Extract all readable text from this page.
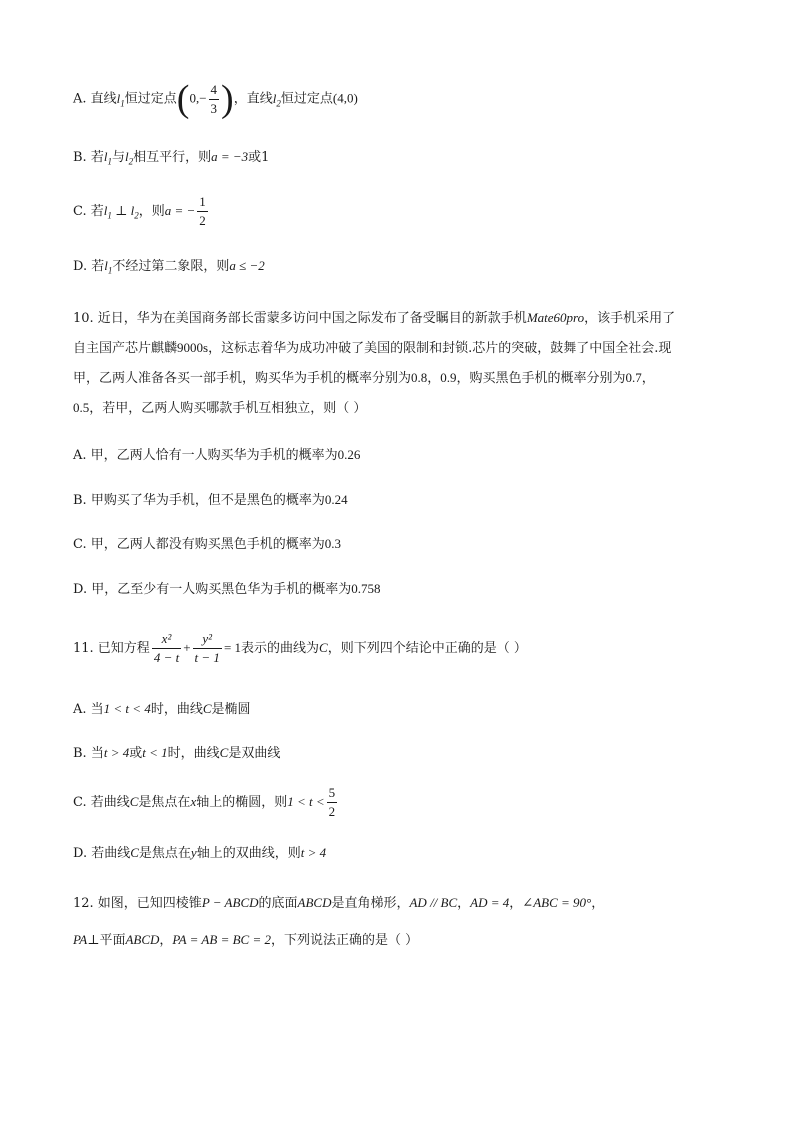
A. 直线$l_1$恒过定点($0,- \frac{4}{3}$ )，直线$l_2$恒过定点(4,0)
B. 若$l_1$与$l_2$相互平行，则a = −3或1
C. 若$l_1$ ⊥ $l_2$，则a = − $\frac{1}{2}$
D. 若$l_1$不经过第二象限，则a ≤ −2
10. 近日，华为在美国商务部长雷蒙多访问中国之际发布了备受瞩目的新款手机Mate60pro，该手机采用了
自主国产芯片麒麟9000s，这标志着华为成功冲破了美国的限制和封锁.芯片的突破，鼓舞了中国全社会.现
甲，乙两人准备各买一部手机，购买华为手机的概率分别为0.8，0.9，购买黑色手机的概率分别为0.7，
0.5，若甲，乙两人购买哪款手机互相独立，则（ ）
A. 甲，乙两人恰有一人购买华为手机的概率为0.26
B. 甲购买了华为手机，但不是黑色的概率为0.24
C. 甲，乙两人都没有购买黑色手机的概率为0.3
D. 甲，乙至少有一人购买黑色华为手机的概率为0.758
11. 已知方程 $\frac{\text{x²}}{4 - t} + \frac{\text{y²}}{t - 1} = 1$表示的曲线为C，则下列四个结论中正确的是（ ）
A. 当1 < t < 4时，曲线C是椭圆
B. 当t > 4或t < 1时，曲线C是双曲线
C. 若曲线C是焦点在x轴上的椭圆，则$1 < t < \frac{5}{2}$
D. 若曲线C是焦点在y轴上的双曲线，则t > 4
12. 如图，已知四棱锥P − ABCD的底面ABCD是直角梯形，AD // BC，AD = 4，∠ABC = 90°，
PA⊥平面ABCD，PA = AB = BC = 2，下列说法正确的是（ ）
